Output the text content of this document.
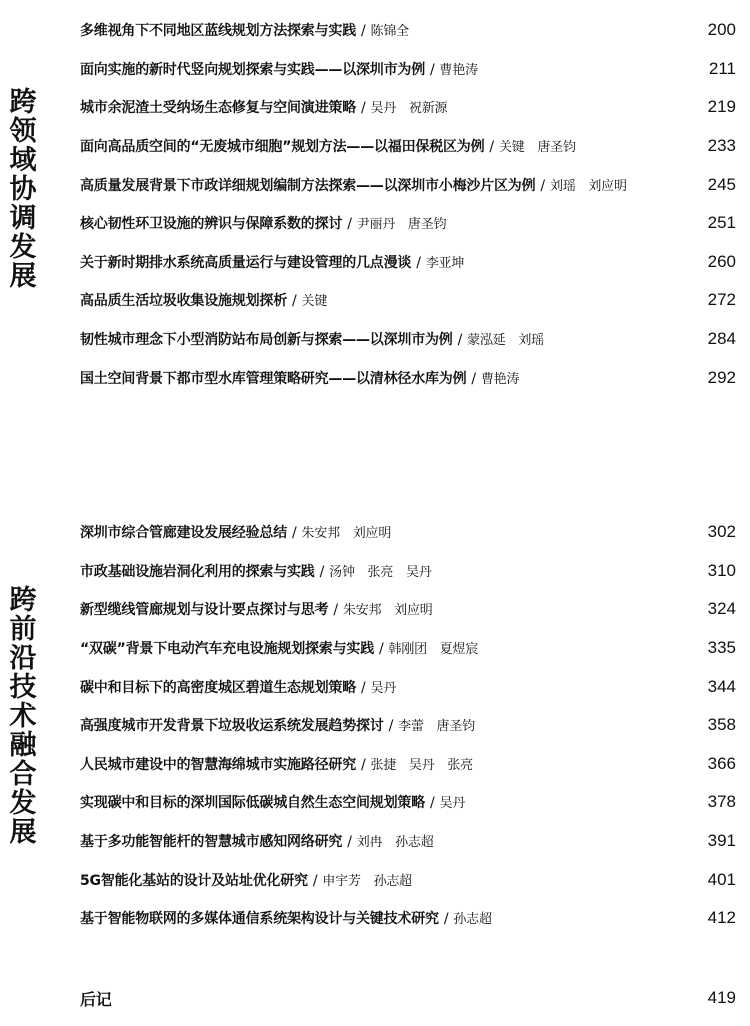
跨领域协调发展
多维视角下不同地区蓝线规划方法探索与实践 / 陈锦全	200
面向实施的新时代竖向规划探索与实践——以深圳市为例 / 曹艳涛	211
城市余泥渣土受纳场生态修复与空间演进策略 / 吴丹　祝新源	219
面向高品质空间的“无废城市细胞”规划方法——以福田保税区为例 / 关键　唐圣钧	233
高质量发展背景下市政详细规划编制方法探索——以深圳市小梅沙片区为例 / 刘瑶　刘应明	245
核心韧性环卫设施的辨识与保障系数的探讨 / 尹丽丹　唐圣钧	251
关于新时期排水系统高质量运行与建设管理的几点漫谈 / 李亚坤	260
高品质生活垃圾收集设施规划探析 / 关键	272
韧性城市理念下小型消防站布局创新与探索——以深圳市为例 / 蒙泓延　刘瑶	284
国土空间背景下都市型水库管理策略研究——以清林径水库为例 / 曹艳涛	292
跨前沿技术融合发展
深圳市综合管廊建设发展经验总结 / 朱安邦　刘应明	302
市政基础设施岩洞化利用的探索与实践 / 汤钟　张亮　吴丹	310
新型缆线管廊规划与设计要点探讨与思考 / 朱安邦　刘应明	324
“双碳”背景下电动汽车充电设施规划探索与实践 / 韩刚团　夏煜宸	335
碳中和目标下的高密度城区碧道生态规划策略 / 吴丹	344
高强度城市开发背景下垃圾收运系统发展趋势探讨 / 李蕾　唐圣钧	358
人民城市建设中的智慧海绵城市实施路径研究 / 张捷　吴丹　张亮	366
实现碳中和目标的深圳国际低碳城自然生态空间规划策略 / 吴丹	378
基于多功能智能杆的智慧城市感知网络研究 / 刘冉　孙志超	391
5G智能化基站的设计及站址优化研究 / 申宇芳　孙志超	401
基于智能物联网的多媒体通信系统架构设计与关键技术研究 / 孙志超	412
后记	419
